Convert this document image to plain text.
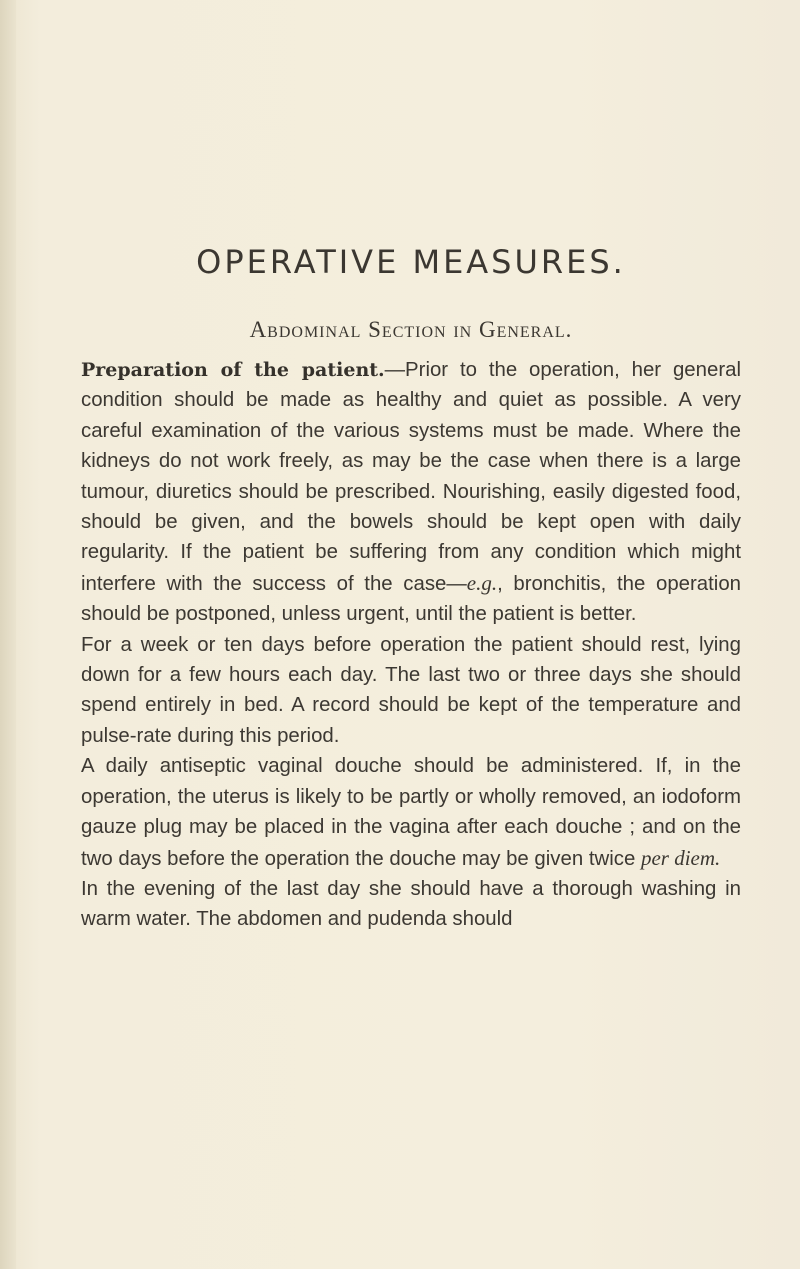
OPERATIVE MEASURES.
Abdominal Section in General.

Preparation of the patient.—Prior to the operation, her general condition should be made as healthy and quiet as possible. A very careful examination of the various systems must be made. Where the kidneys do not work freely, as may be the case when there is a large tumour, diuretics should be prescribed. Nourishing, easily digested food, should be given, and the bowels should be kept open with daily regularity. If the patient be suffering from any condition which might interfere with the success of the case—e.g., bronchitis, the operation should be postponed, unless urgent, until the patient is better.

For a week or ten days before operation the patient should rest, lying down for a few hours each day. The last two or three days she should spend entirely in bed. A record should be kept of the temperature and pulse-rate during this period.

A daily antiseptic vaginal douche should be administered. If, in the operation, the uterus is likely to be partly or wholly removed, an iodoform gauze plug may be placed in the vagina after each douche ; and on the two days before the operation the douche may be given twice per diem.

In the evening of the last day she should have a thorough washing in warm water. The abdomen and pudenda should
